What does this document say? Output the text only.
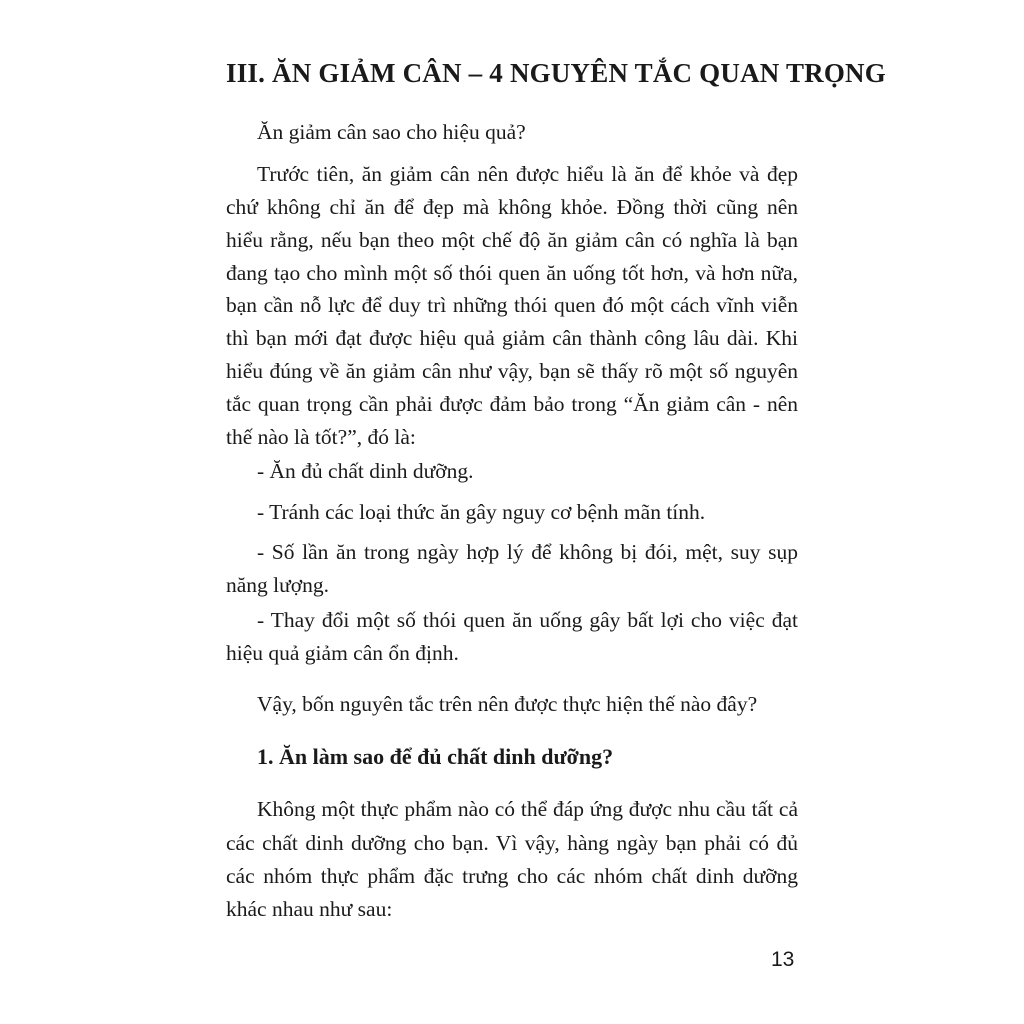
III. ĂN GIẢM CÂN – 4 NGUYÊN TẮC QUAN TRỌNG

Ăn giảm cân sao cho hiệu quả?

Trước tiên, ăn giảm cân nên được hiểu là ăn để khỏe và đẹp

chứ không chỉ ăn để đẹp mà không khỏe. Đồng thời cũng nên

hiểu rằng, nếu bạn theo một chế độ ăn giảm cân có nghĩa là bạn

đang tạo cho mình một số thói quen ăn uống tốt hơn, và hơn nữa,

bạn cần nỗ lực để duy trì những thói quen đó một cách vĩnh viễn

thì bạn mới đạt được hiệu quả giảm cân thành công lâu dài. Khi

hiểu đúng về ăn giảm cân như vậy, bạn sẽ thấy rõ một số nguyên

tắc quan trọng cần phải được đảm bảo trong “Ăn giảm cân - nên

thế nào là tốt?”, đó là:

- Ăn đủ chất dinh dưỡng.

- Tránh các loại thức ăn gây nguy cơ bệnh mãn tính.

- Số lần ăn trong ngày hợp lý để không bị đói, mệt, suy sụp

năng lượng.

- Thay đổi một số thói quen ăn uống gây bất lợi cho việc đạt

hiệu quả giảm cân ổn định.

Vậy, bốn nguyên tắc trên nên được thực hiện thế nào đây?

1. Ăn làm sao để đủ chất dinh dưỡng?

Không một thực phẩm nào có thể đáp ứng được nhu cầu tất cả

các chất dinh dưỡng cho bạn. Vì vậy, hàng ngày bạn phải có đủ

các nhóm thực phẩm đặc trưng cho các nhóm chất dinh dưỡng

khác nhau như sau:

13
